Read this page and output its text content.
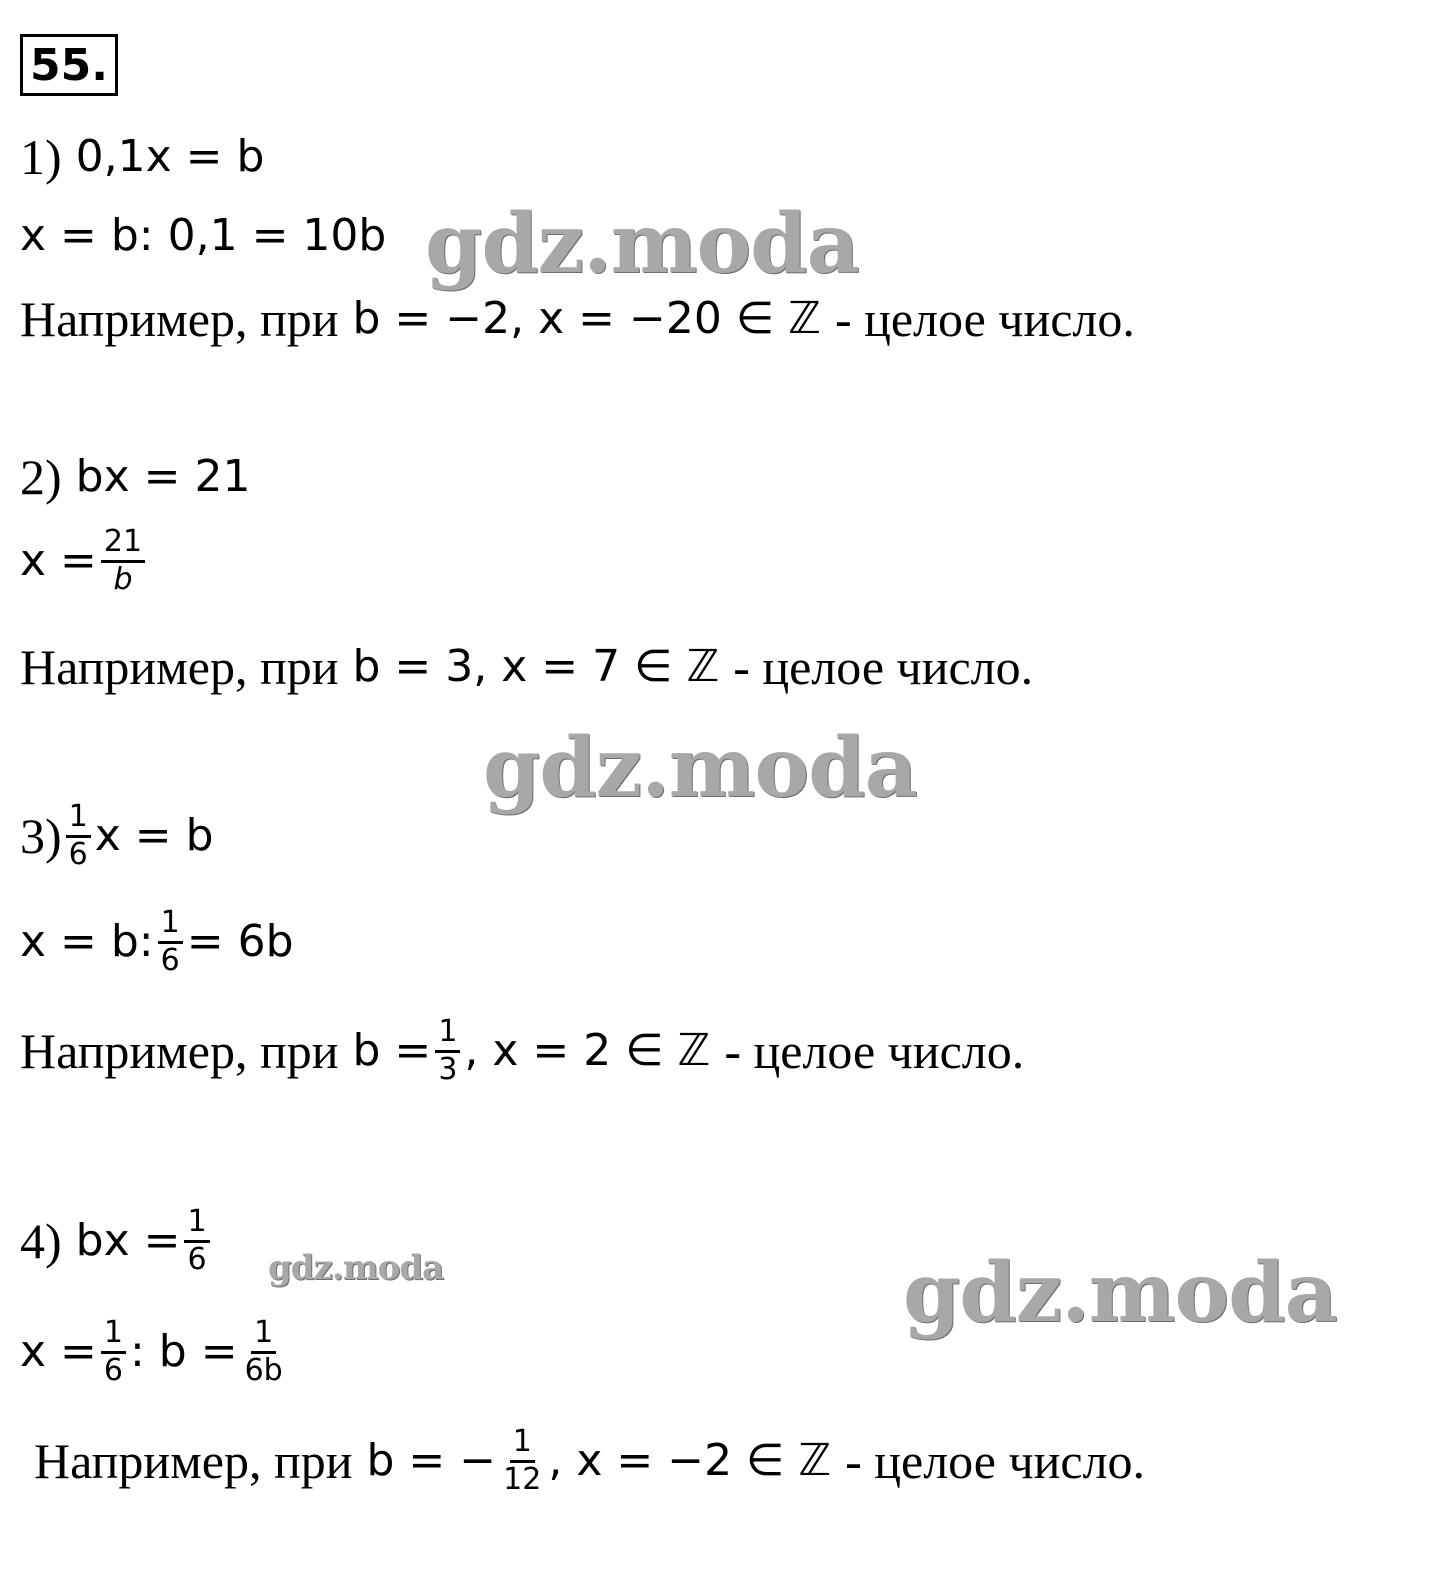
55.
1) 0,1x = b
x = b: 0,1 = 10b
Например, при b = −2, x = −20 ∈ ℤ - целое число.
2) bx = 21
$x = \frac{21}{b}$
Например, при b = 3, x = 7 ∈ ℤ - целое число.
$3) \frac{1}{6}$ x = b
x = b: $\frac{1}{6} = 6b$
Например, при $b = \frac{1}{3}$ , x = 2 ∈ ℤ - целое число.
4) bx = $\frac{1}{6}$
$x = \frac{1}{6}$ : $b = \frac{1}{6b}$
Например, при b = − $\frac{1}{12}$ , x = −2 ∈ ℤ - целое число.
gdz.moda
gdz.moda
gdz.moda	gdz.moda
